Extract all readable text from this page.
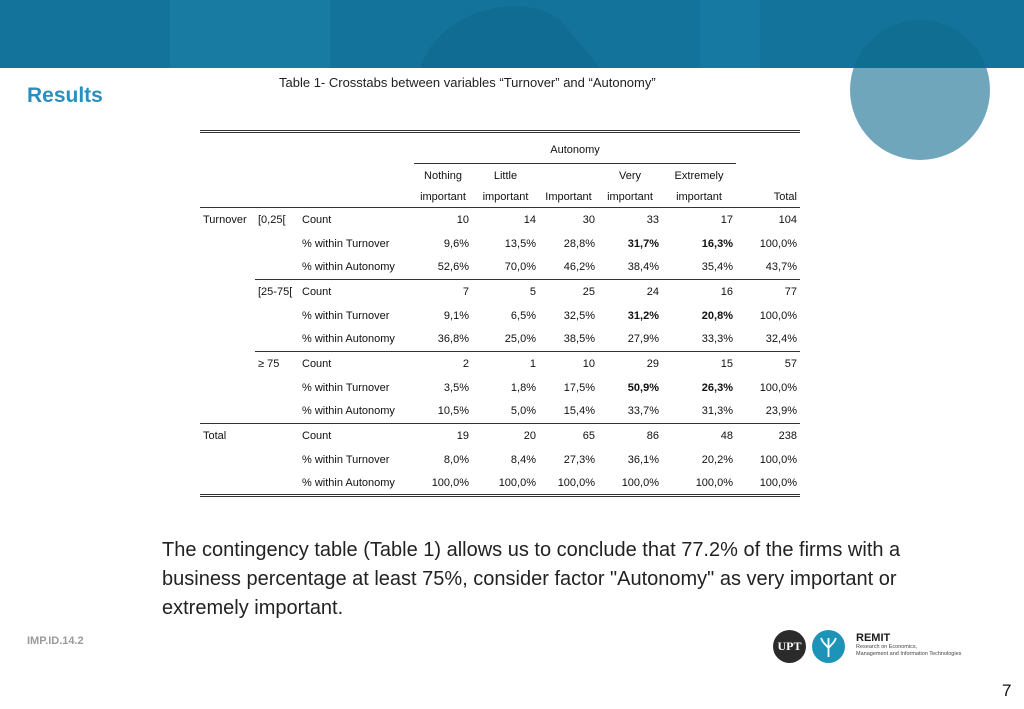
Results
Table 1- Crosstabs between variables “Turnover” and “Autonomy”

			Autonomy					
			Nothing	Little		Very	Extremely	
			important	important	Important	important	important	Total
Turnover	[0,25[	Count	10	14	30	33	17	104
		% within Turnover	9,6%	13,5%	28,8%	31,7%	16,3%	100,0%
		% within Autonomy	52,6%	70,0%	46,2%	38,4%	35,4%	43,7%
	[25-75[	Count	7	5	25	24	16	77
		% within Turnover	9,1%	6,5%	32,5%	31,2%	20,8%	100,0%
		% within Autonomy	36,8%	25,0%	38,5%	27,9%	33,3%	32,4%
	≥ 75	Count	2	1	10	29	15	57
		% within Turnover	3,5%	1,8%	17,5%	50,9%	26,3%	100,0%
		% within Autonomy	10,5%	5,0%	15,4%	33,7%	31,3%	23,9%
Total		Count	19	20	65	86	48	238
		% within Turnover	8,0%	8,4%	27,3%	36,1%	20,2%	100,0%
		% within Autonomy	100,0%	100,0%	100,0%	100,0%	100,0%	100,0%
The contingency table (Table 1) allows us to conclude that 77.2% of the firms with a business percentage at least 75%, consider factor "Autonomy" as very important or extremely important.
IMP.ID.14.2	UPT
REMIT
Research on Economics,
Management and Information Technologies
7
